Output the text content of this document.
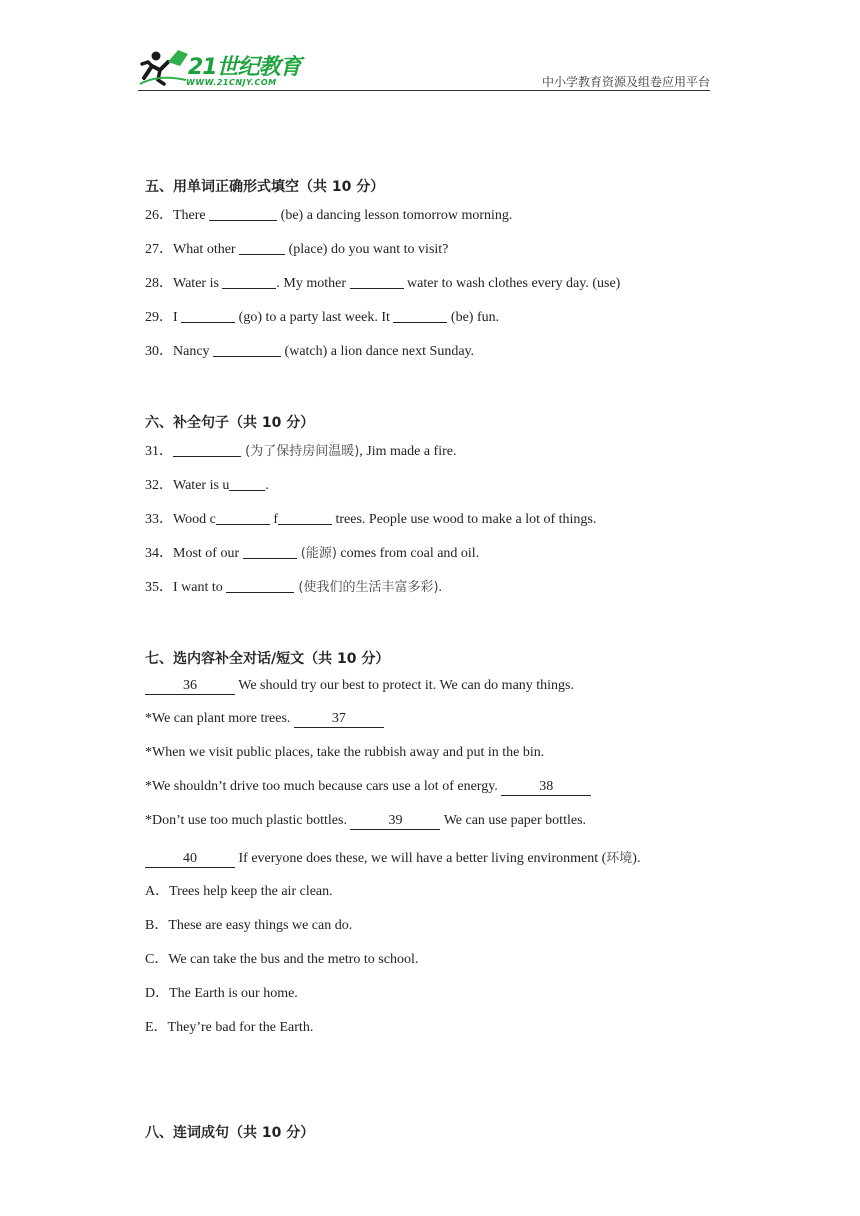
21世纪教育
WWW.21CNJY.COM	中小学教育资源及组卷应用平台
五、用单词正确形式填空（共 10 分）
26．There	(be) a dancing lesson tomorrow morning.
27．What other	(place) do you want to visit?
28．Water is	. My mother	water to wash clothes every day. (use)
29．I	(go) to a party last week. It	(be) fun.
30．Nancy	(watch) a lion dance next Sunday.
六、补全句子（共 10 分）
31．	(为了保持房间温暖), Jim made a fire.
32．Water is u	.
33．Wood c	f	trees. People use wood to make a lot of things.
34．Most of our	(能源) comes from coal and oil.
35．I want to	(使我们的生活丰富多彩).
七、选内容补全对话/短文（共 10 分）
36	We should try our best to protect it. We can do many things.
*We can plant more trees.	37
*When we visit public places, take the rubbish away and put in the bin.
*We shouldn’t drive too much because cars use a lot of energy.	38
*Don’t use too much plastic bottles.	39	We can use paper bottles.
40	If everyone does these, we will have a better living environment (环境).
A．Trees help keep the air clean.
B．These are easy things we can do.
C．We can take the bus and the metro to school.
D．The Earth is our home.
E．They’re bad for the Earth.
八、连词成句（共 10 分）
